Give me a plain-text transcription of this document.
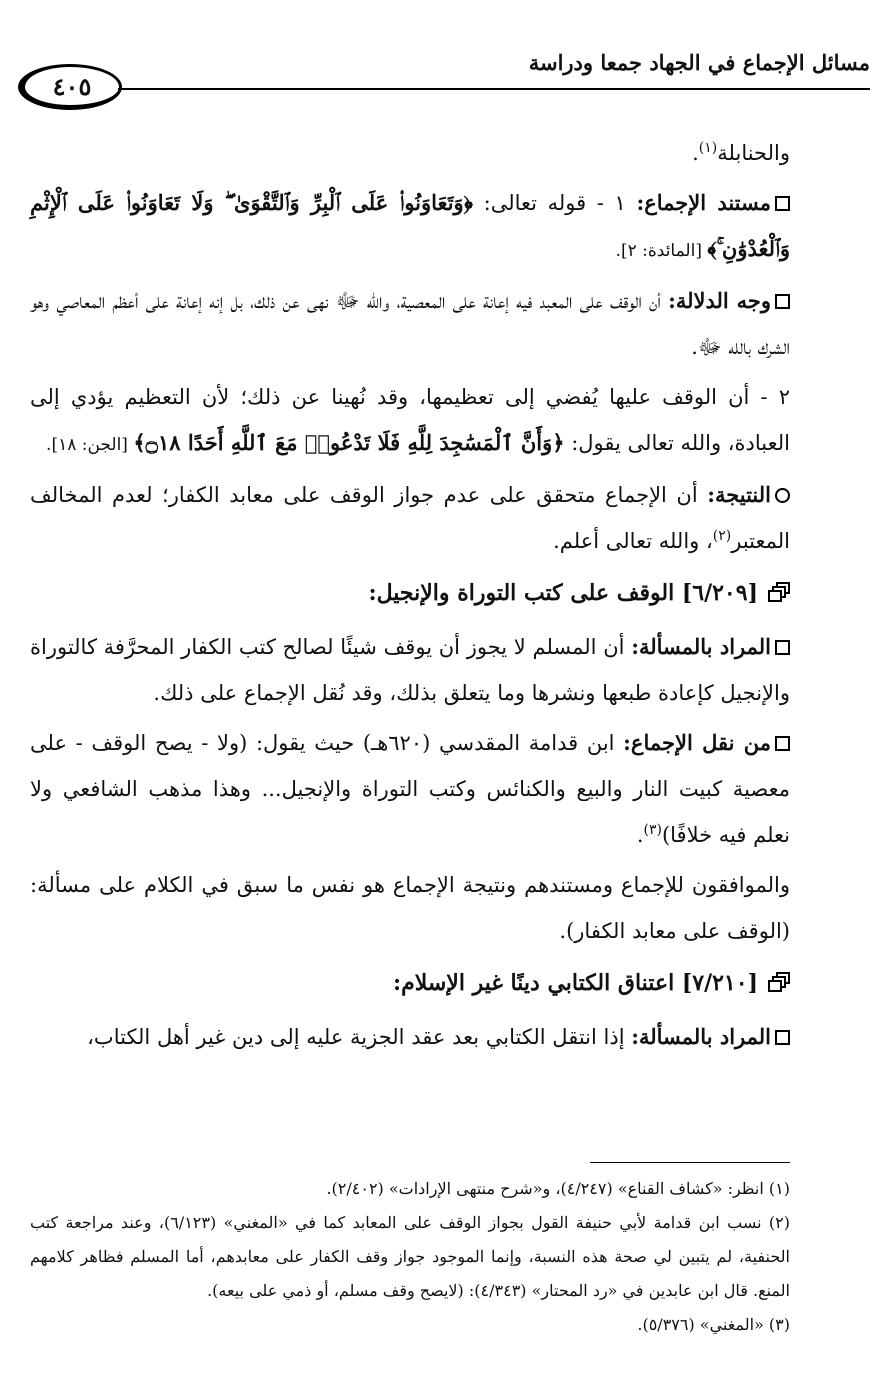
مسائل الإجماع في الجهاد جمعا ودراسة
٤٠٥

والحنابلة$^{(١)}$.

مستند الإجماع: ١ - قوله تعالى: ﴿وَتَعَاوَنُوا۟ عَلَى ٱلْبِرِّ وَٱلتَّقْوَىٰ ۖ وَلَا تَعَاوَنُوا۟ عَلَى ٱلْإِثْمِ وَٱلْعُدْوَٰنِ ۚ﴾ [المائدة: ٢].

وجه الدلالة: أن الوقف على المعبد فيه إعانة على المعصية، والله ﷻ نهى عن ذلك، بل إنه إعانة على أعظم المعاصي وهو الشرك بالله ﷻ.

٢ - أن الوقف عليها يُفضي إلى تعظيمها، وقد نُهينا عن ذلك؛ لأن التعظيم يؤدي إلى العبادة، والله تعالى يقول: ﴿وَأَنَّ ٱلْمَسَٰجِدَ لِلَّهِ فَلَا تَدْعُوا۟ مَعَ ٱللَّهِ أَحَدًا ۝١٨﴾ [الجن: ١٨].

النتيجة: أن الإجماع متحقق على عدم جواز الوقف على معابد الكفار؛ لعدم المخالف المعتبر$^{(٢)}$، والله تعالى أعلم.

[٦/٢٠٩] الوقف على كتب التوراة والإنجيل:

المراد بالمسألة: أن المسلم لا يجوز أن يوقف شيئًا لصالح كتب الكفار المحرَّفة كالتوراة والإنجيل كإعادة طبعها ونشرها وما يتعلق بذلك، وقد نُقل الإجماع على ذلك.

من نقل الإجماع: ابن قدامة المقدسي (٦٢٠هـ) حيث يقول: (ولا - يصح الوقف - على معصية كبيت النار والبيع والكنائس وكتب التوراة والإنجيل... وهذا مذهب الشافعي ولا نعلم فيه خلافًا)$^{(٣)}$.

والموافقون للإجماع ومستندهم ونتيجة الإجماع هو نفس ما سبق في الكلام على مسألة: (الوقف على معابد الكفار).

[٧/٢١٠] اعتناق الكتابي دينًا غير الإسلام:

المراد بالمسألة: إذا انتقل الكتابي بعد عقد الجزية عليه إلى دين غير أهل الكتاب،

(١) انظر: «كشاف القناع» (٤/٢٤٧)، و«شرح منتهى الإرادات» (٢/٤٠٢).

(٢) نسب ابن قدامة لأبي حنيفة القول بجواز الوقف على المعابد كما في «المغني» (٦/١٢٣)، وعند مراجعة كتب الحنفية، لم يتبين لي صحة هذه النسبة، وإنما الموجود جواز وقف الكفار على معابدهم، أما المسلم فظاهر كلامهم المنع. قال ابن عابدين في «رد المحتار» (٤/٣٤٣): (لايصح وقف مسلم، أو ذمي على بيعه).

(٣) «المغني» (٥/٣٧٦).
